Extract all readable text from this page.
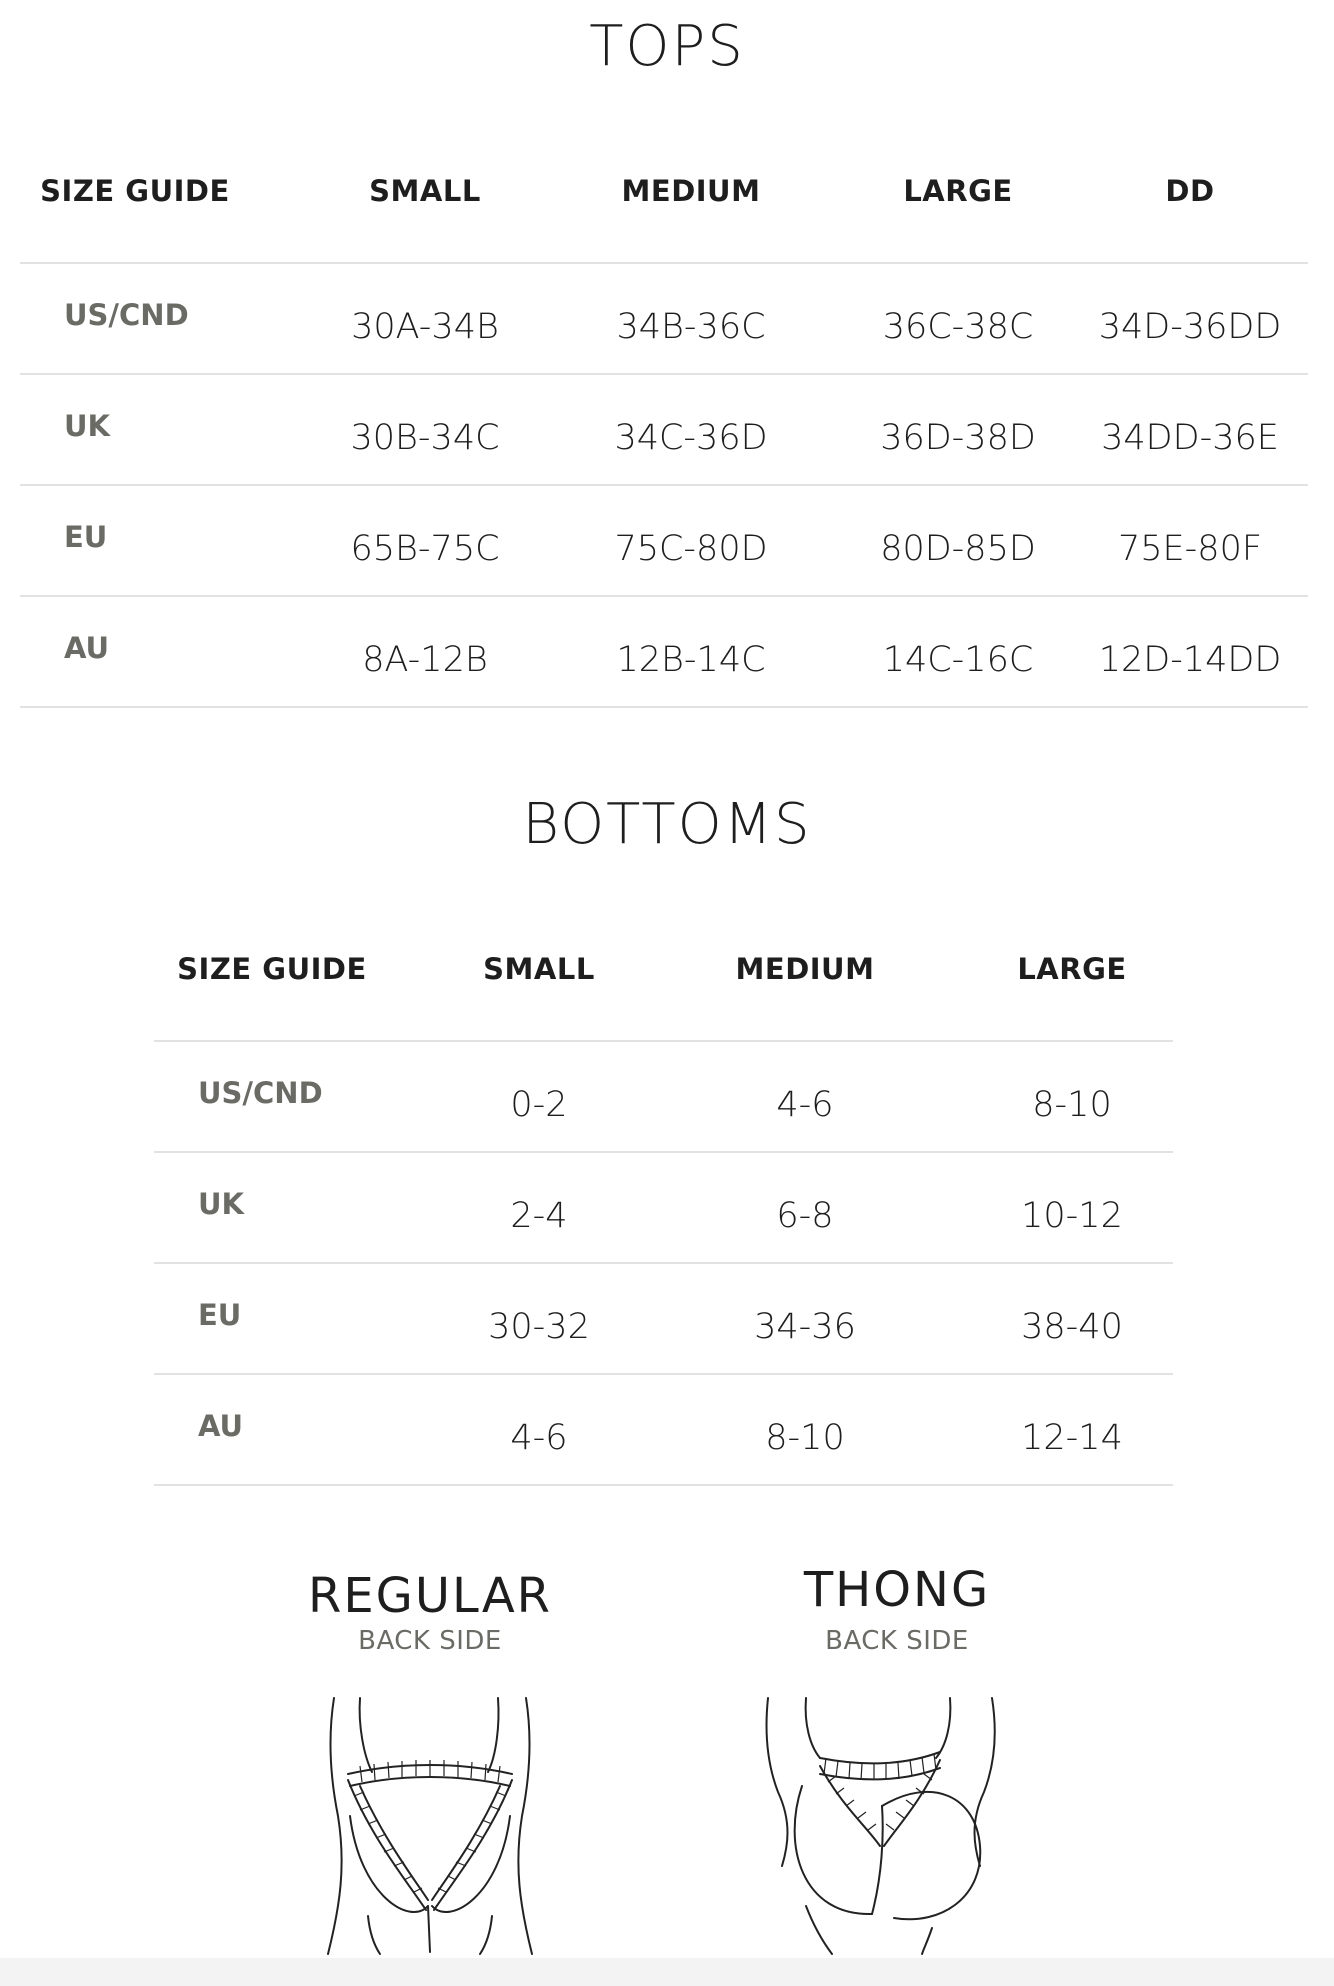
TOPS
SIZE GUIDE	SMALL	MEDIUM	LARGE	DD
US/CND	30A-34B	34B-36C	36C-38C	34D-36DD
UK	30B-34C	34C-36D	36D-38D	34DD-36E
EU	65B-75C	75C-80D	80D-85D	75E-80F
AU	8A-12B	12B-14C	14C-16C	12D-14DD
BOTTOMS
SIZE GUIDE	SMALL	MEDIUM	LARGE
US/CND	0-2	4-6	8-10
UK	2-4	6-8	10-12
EU	30-32	34-36	38-40
AU	4-6	8-10	12-14
REGULAR
BACK SIDE
THONG
BACK SIDE
